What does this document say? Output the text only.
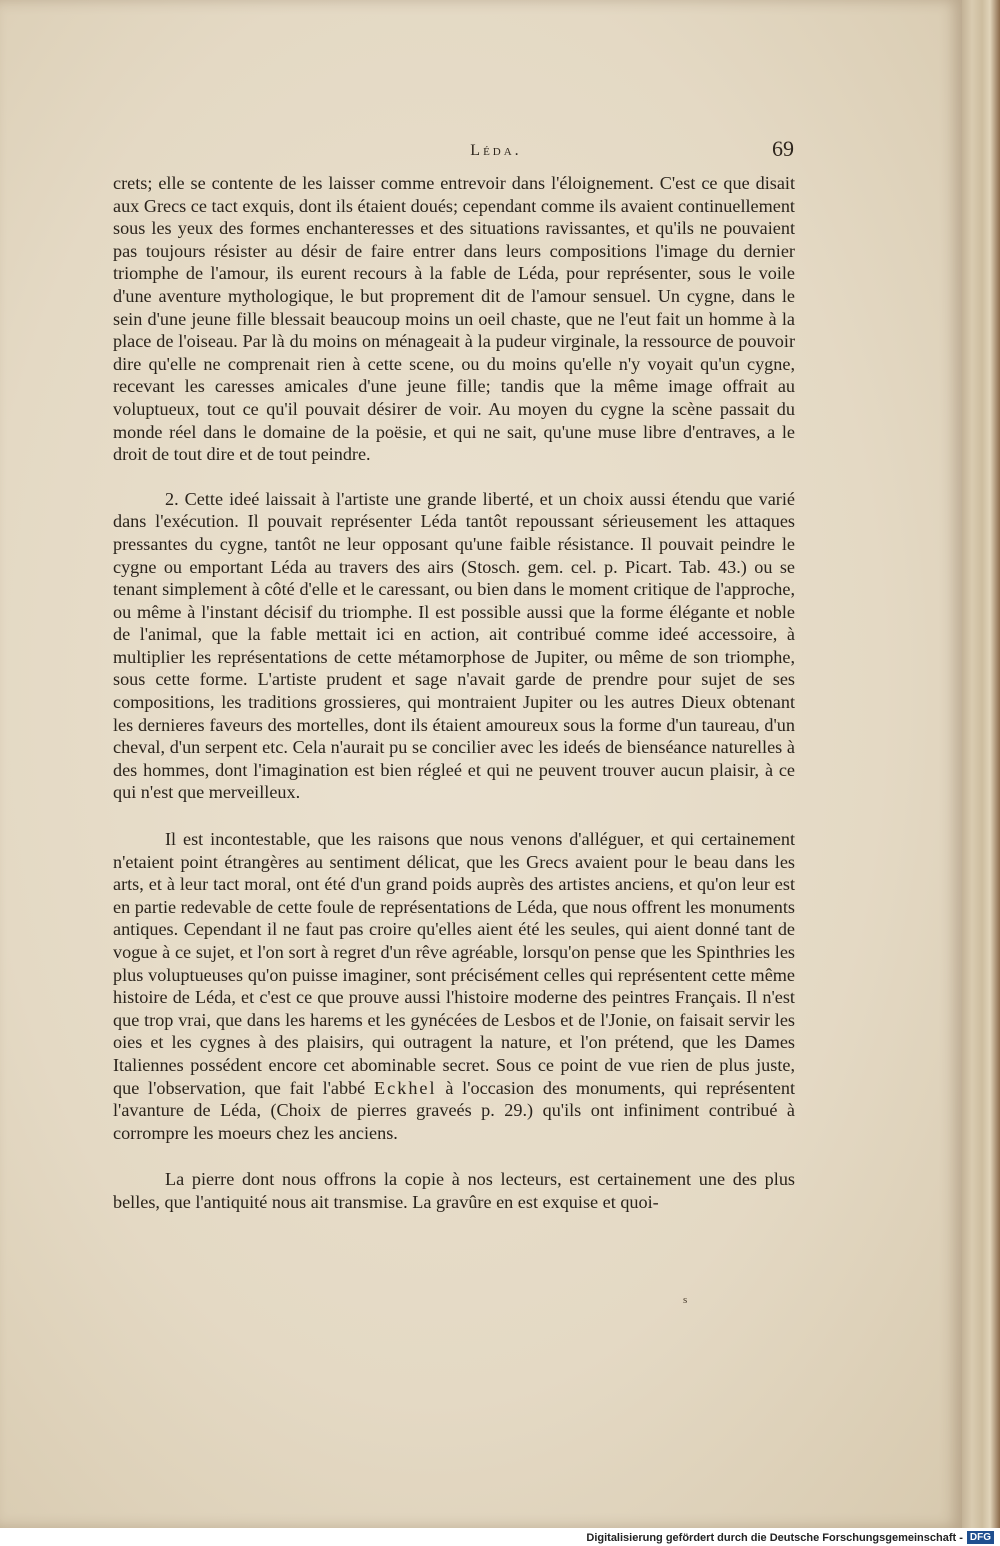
Léda.	69

crets; elle se contente de les laisser comme entrevoir dans l'éloignement. C'est ce que disait aux Grecs ce tact exquis, dont ils étaient doués; cependant comme ils avaient continuellement sous les yeux des formes enchanteresses et des situations ravissantes, et qu'ils ne pouvaient pas toujours résister au désir de faire entrer dans leurs compositions l'image du dernier triomphe de l'amour, ils eurent recours à la fable de Léda, pour représenter, sous le voile d'une aventure mythologique, le but proprement dit de l'amour sensuel. Un cygne, dans le sein d'une jeune fille blessait beaucoup moins un oeil chaste, que ne l'eut fait un homme à la place de l'oiseau. Par là du moins on ménageait à la pudeur virginale, la ressource de pouvoir dire qu'elle ne comprenait rien à cette scene, ou du moins qu'elle n'y voyait qu'un cygne, recevant les caresses amicales d'une jeune fille; tandis que la même image offrait au voluptueux, tout ce qu'il pouvait désirer de voir. Au moyen du cygne la scène passait du monde réel dans le domaine de la poësie, et qui ne sait, qu'une muse libre d'entraves, a le droit de tout dire et de tout peindre.

2. Cette ideé laissait à l'artiste une grande liberté, et un choix aussi étendu que varié dans l'exécution. Il pouvait représenter Léda tantôt repoussant sérieusement les attaques pressantes du cygne, tantôt ne leur opposant qu'une faible résistance. Il pouvait peindre le cygne ou emportant Léda au travers des airs (Stosch. gem. cel. p. Picart. Tab. 43.) ou se tenant simplement à côté d'elle et le caressant, ou bien dans le moment critique de l'approche, ou même à l'instant décisif du triomphe. Il est possible aussi que la forme élégante et noble de l'animal, que la fable mettait ici en action, ait contribué comme ideé accessoire, à multiplier les représentations de cette métamorphose de Jupiter, ou même de son triomphe, sous cette forme. L'artiste prudent et sage n'avait garde de prendre pour sujet de ses compositions, les traditions grossieres, qui montraient Jupiter ou les autres Dieux obtenant les dernieres faveurs des mortelles, dont ils étaient amoureux sous la forme d'un taureau, d'un cheval, d'un serpent etc. Cela n'aurait pu se concilier avec les ideés de bienséance naturelles à des hommes, dont l'imagination est bien régleé et qui ne peuvent trouver aucun plaisir, à ce qui n'est que merveilleux.

Il est incontestable, que les raisons que nous venons d'alléguer, et qui certainement n'etaient point étrangères au sentiment délicat, que les Grecs avaient pour le beau dans les arts, et à leur tact moral, ont été d'un grand poids auprès des artistes anciens, et qu'on leur est en partie redevable de cette foule de représentations de Léda, que nous offrent les monuments antiques. Cependant il ne faut pas croire qu'elles aient été les seules, qui aient donné tant de vogue à ce sujet, et l'on sort à regret d'un rêve agréable, lorsqu'on pense que les Spinthries les plus voluptueuses qu'on puisse imaginer, sont précisément celles qui représentent cette même histoire de Léda, et c'est ce que prouve aussi l'histoire moderne des peintres Français. Il n'est que trop vrai, que dans les harems et les gynécées de Lesbos et de l'Jonie, on faisait servir les oies et les cygnes à des plaisirs, qui outragent la nature, et l'on prétend, que les Dames Italiennes possédent encore cet abominable secret. Sous ce point de vue rien de plus juste, que l'observation, que fait l'abbé Eckhel à l'occasion des monuments, qui représentent l'avanture de Léda, (Choix de pierres graveés p. 29.) qu'ils ont infiniment contribué à corrompre les moeurs chez les anciens.

La pierre dont nous offrons la copie à nos lecteurs, est certainement une des plus belles, que l'antiquité nous ait transmise. La gravûre en est exquise et quoi-

s
Digitalisierung gefördert durch die Deutsche Forschungsgemeinschaft - DFG
